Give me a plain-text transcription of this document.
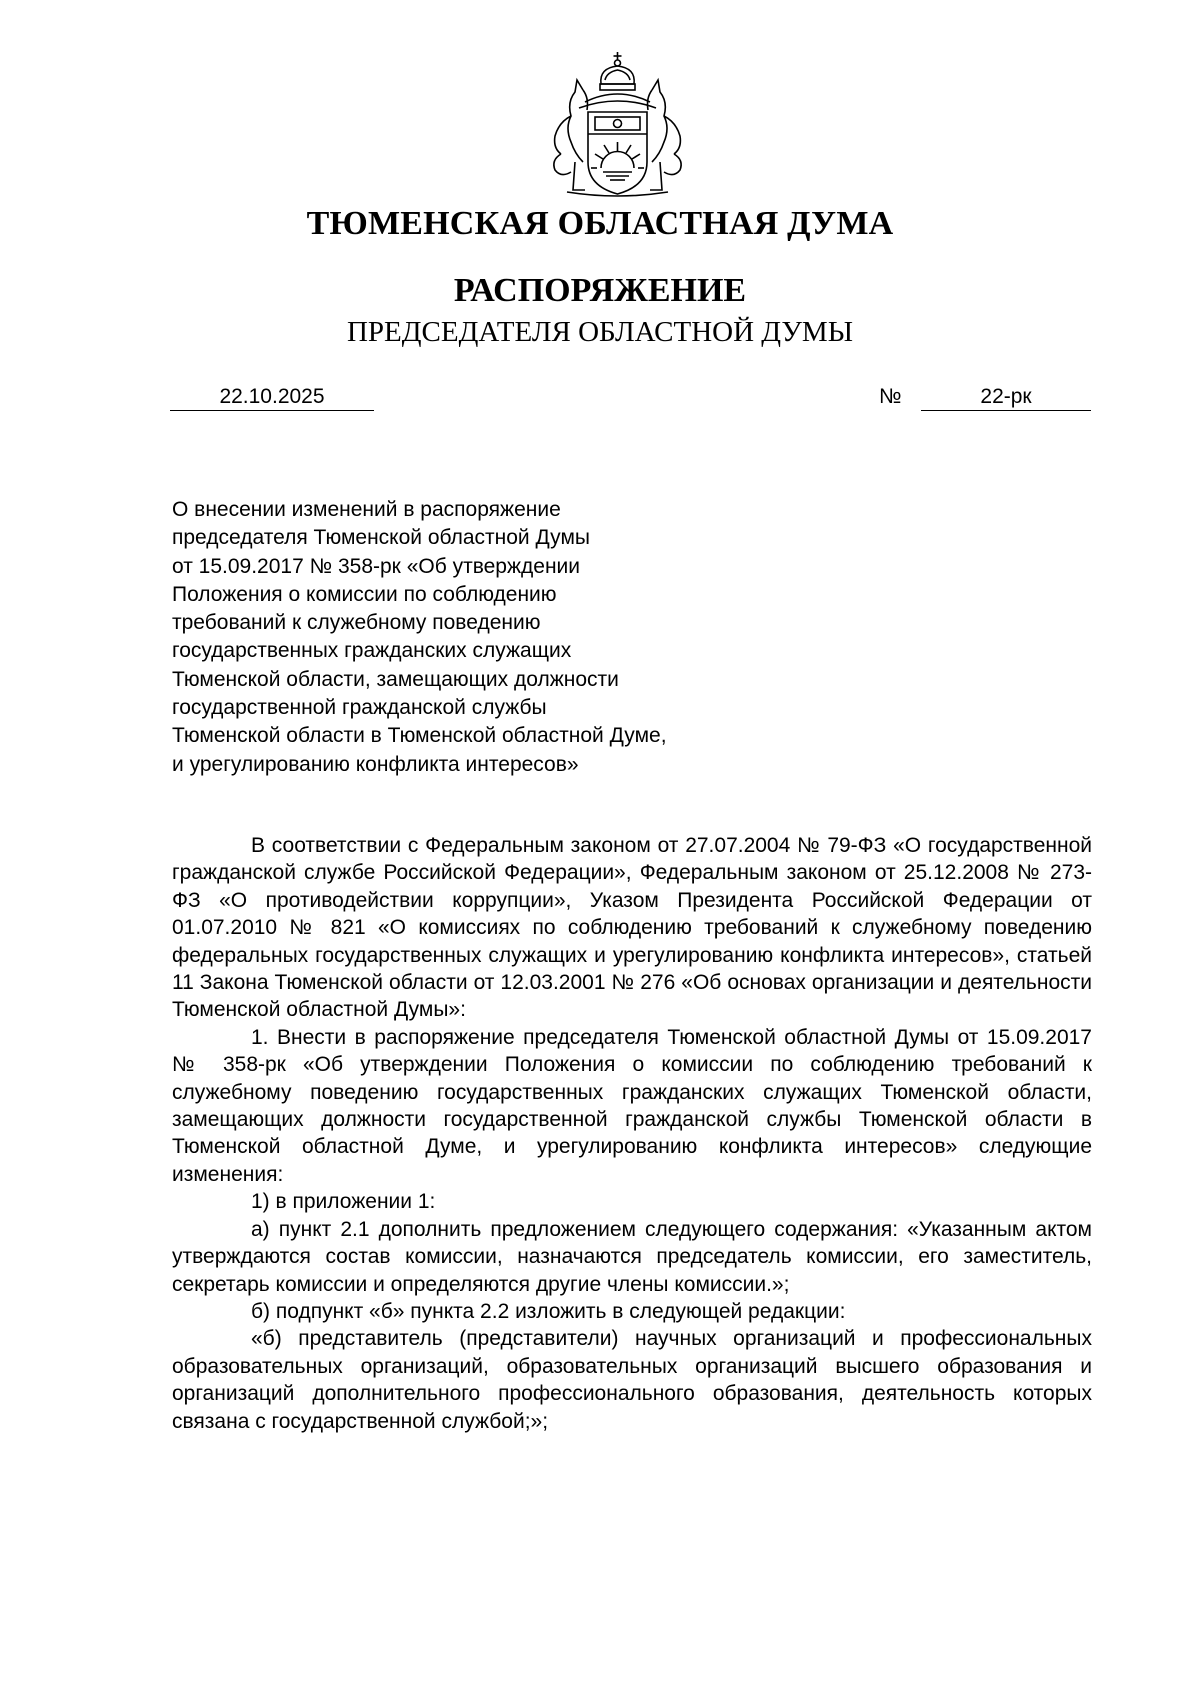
ТЮМЕНСКАЯ ОБЛАСТНАЯ ДУМА
РАСПОРЯЖЕНИЕ
ПРЕДСЕДАТЕЛЯ ОБЛАСТНОЙ ДУМЫ
22.10.2025	№	22-рк
О внесении изменений в распоряжение
председателя Тюменской областной Думы
от 15.09.2017 № 358-рк «Об утверждении
Положения о комиссии по соблюдению
требований к служебному поведению
государственных гражданских служащих
Тюменской области, замещающих должности
государственной гражданской службы
Тюменской области в Тюменской областной Думе,
и урегулированию конфликта интересов»

В соответствии с Федеральным законом от 27.07.2004 № 79-ФЗ «О государственной гражданской службе Российской Федерации», Федеральным законом от 25.12.2008 № 273-ФЗ «О противодействии коррупции», Указом Президента Российской Федерации от 01.07.2010 № 821 «О комиссиях по соблюдению требований к служебному поведению федеральных государственных служащих и урегулированию конфликта интересов», статьей 11 Закона Тюменской области от 12.03.2001 № 276 «Об основах организации и деятельности Тюменской областной Думы»:

1. Внести в распоряжение председателя Тюменской областной Думы от 15.09.2017 № 358-рк «Об утверждении Положения о комиссии по соблюдению требований к служебному поведению государственных гражданских служащих Тюменской области, замещающих должности государственной гражданской службы Тюменской области в Тюменской областной Думе, и урегулированию конфликта интересов» следующие изменения:

1) в приложении 1:

а) пункт 2.1 дополнить предложением следующего содержания: «Указанным актом утверждаются состав комиссии, назначаются председатель комиссии, его заместитель, секретарь комиссии и определяются другие члены комиссии.»;

б) подпункт «б» пункта 2.2 изложить в следующей редакции:

«б) представитель (представители) научных организаций и профессиональных образовательных организаций, образовательных организаций высшего образования и организаций дополнительного профессионального образования, деятельность которых связана с государственной службой;»;
